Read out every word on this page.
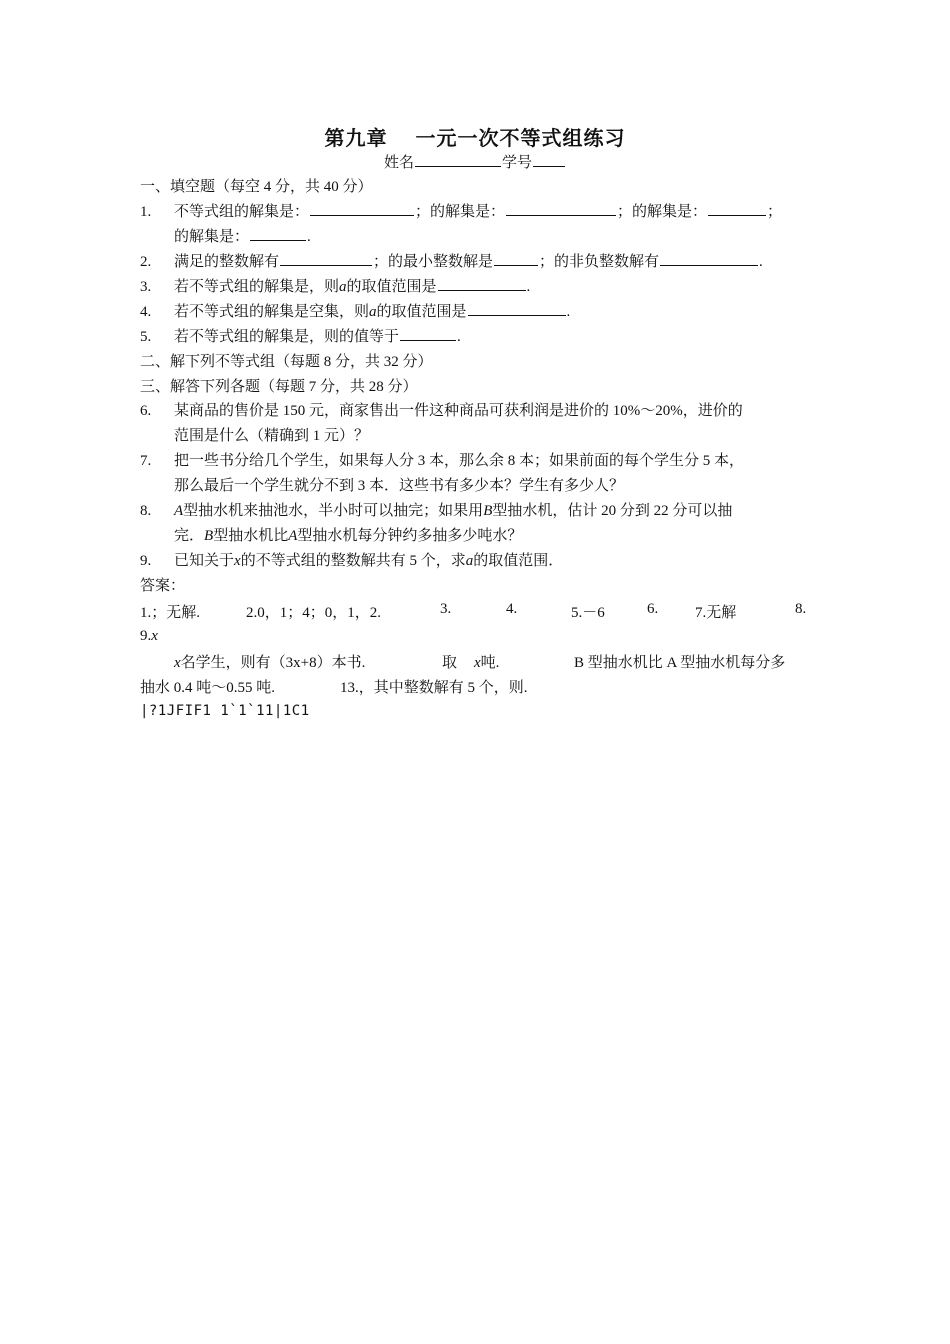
第九章 一元一次不等式组练习
姓名	学号
一、填空题（每空 4 分，共 40 分）
1. 不等式组的解集是：	；的解集是：	；的解集是：	；
的解集是：	.
2. 满足的整数解有	；的最小整数解是	；的非负整数解有	.
3. 若不等式组的解集是，则a的取值范围是	.
4. 若不等式组的解集是空集，则a的取值范围是	.
5. 若不等式组的解集是，则的值等于	.
二、解下列不等式组（每题 8 分，共 32 分）
三、解答下列各题（每题 7 分，共 28 分）
6. 某商品的售价是 150 元，商家售出一件这种商品可获利润是进价的 10%～20%，进价的
范围是什么（精确到 1 元）？
7. 把一些书分给几个学生，如果每人分 3 本，那么余 8 本；如果前面的每个学生分 5 本，
那么最后一个学生就分不到 3 本．这些书有多少本？学生有多少人？
8. A型抽水机来抽池水，半小时可以抽完；如果用B型抽水机，估计 20 分到 22 分可以抽
完．B型抽水机比A型抽水机每分钟约多抽多少吨水？
9. 已知关于x的不等式组的整数解共有 5 个，求a的取值范围．
答案：
1.；无解.	2.0，1；4；0，1，2.	3.	4.	5.－6	6. 7.无解	8.
9.x
x名学生，则有（3x+8）本书.	取 x吨.	B 型抽水机比 A 型抽水机每分多
抽水 0.4 吨～0.55 吨.	13.，其中整数解有 5 个，则.
|?1JFIF1 1`1`11|1C1
